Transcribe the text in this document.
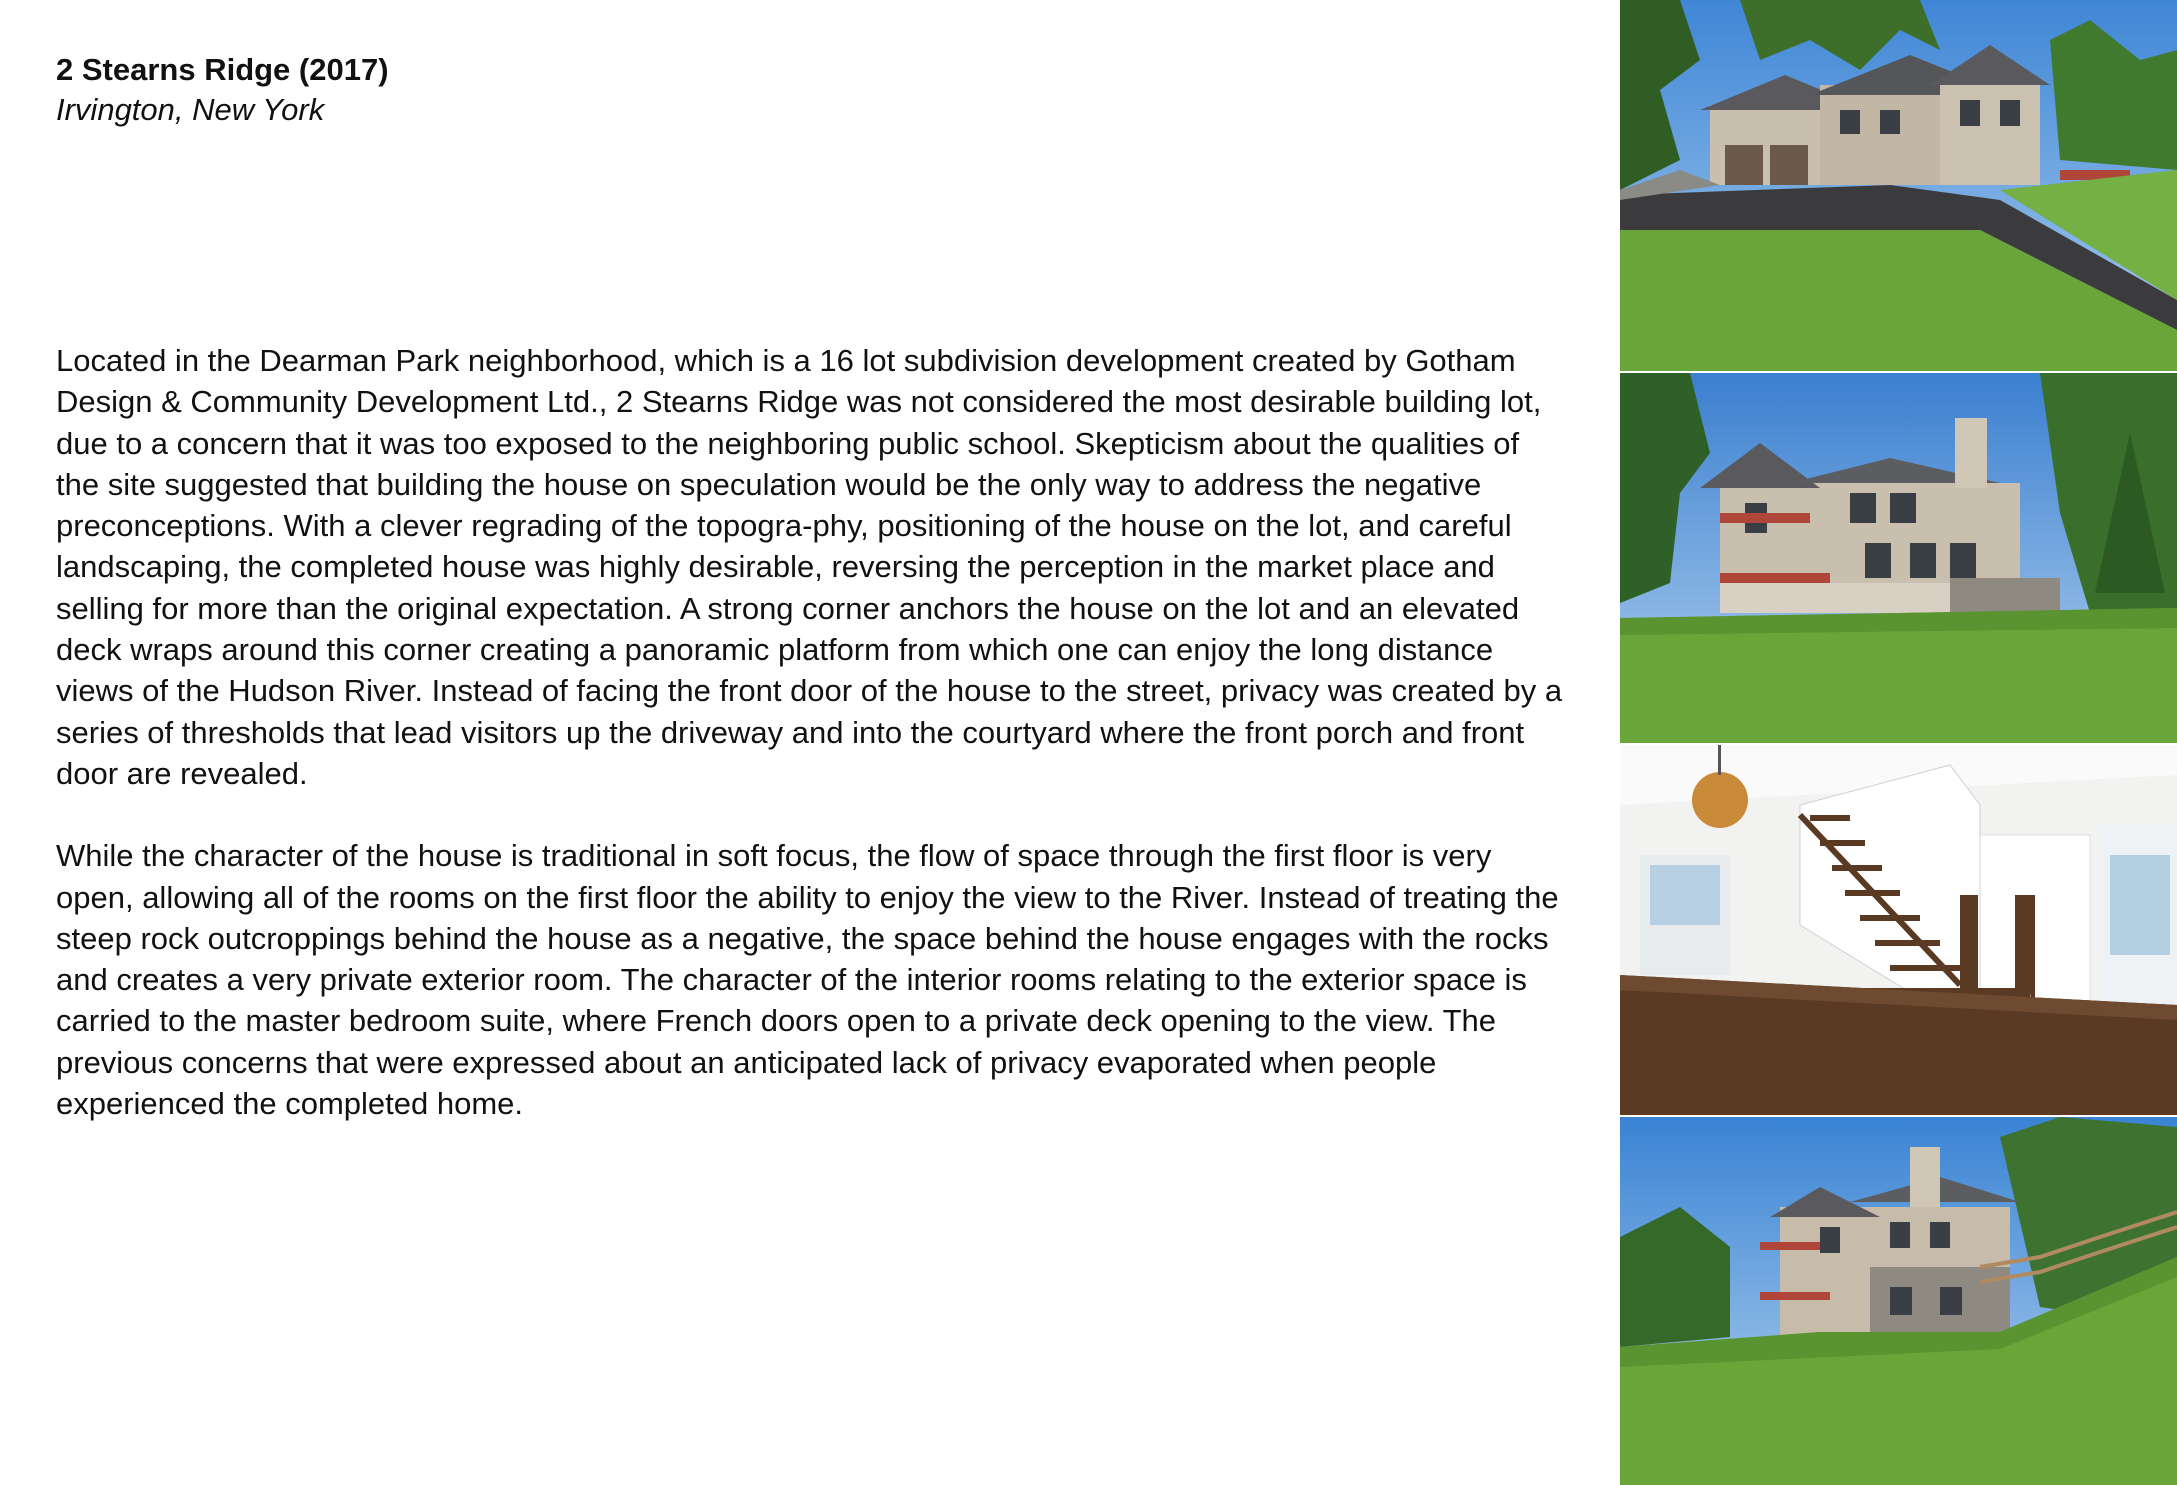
2 Stearns Ridge (2017)
Irvington, New York

Located in the Dearman Park neighborhood, which is a 16 lot subdivision development created by Gotham Design & Community Development Ltd., 2 Stearns Ridge was not considered the most desirable building lot, due to a concern that it was too exposed to the neighboring public school. Skepticism about the qualities of the site suggested that building the house on speculation would be the only way to address the negative preconceptions. With a clever regrading of the topogra-phy, positioning of the house on the lot, and careful landscaping, the completed house was highly desirable, reversing the perception in the market place and selling for more than the original expectation. A strong corner anchors the house on the lot and an elevated deck wraps around this corner creating a panoramic platform from which one can enjoy the long distance views of the Hudson River. Instead of facing the front door of the house to the street, privacy was created by a series of thresholds that lead visitors up the driveway and into the courtyard where the front porch and front door are revealed.

While the character of the house is traditional in soft focus, the flow of space through the first floor is very open, allowing all of the rooms on the first floor the ability to enjoy the view to the River. Instead of treating the steep rock outcroppings behind the house as a negative, the space behind the house engages with the rocks and creates a very private exterior room. The character of the interior rooms relating to the exterior space is carried to the master bedroom suite, where French doors open to a private deck opening to the view. The previous concerns that were expressed about an anticipated lack of privacy evaporated when people experienced the completed home.
